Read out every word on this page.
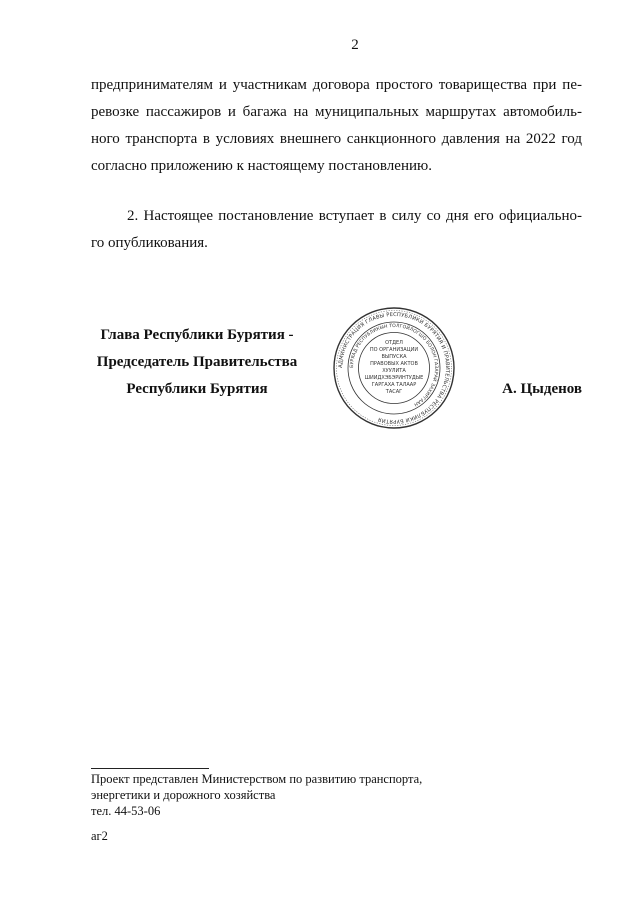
2
предпринимателям и участникам договора простого товарищества при пе-
ревозке пассажиров и багажа на муниципальных маршрутах автомобиль-
ного транспорта в условиях внешнего санкционного давления на 2022 год
согласно приложению к настоящему постановлению.
2. Настоящее постановление вступает в силу со дня его официально-
го опубликования.
Глава Республики Бурятия -
Председатель Правительства
Республики Бурятия	А. Цыденов
АДМИНИСТРАЦИЯ ГЛАВЫ РЕСПУБЛИКИ БУРЯТИЯ И ПРАВИТЕЛЬСТВА РЕСПУБЛИКИ БУРЯТИЯ
БУРЯАД РЕСПУБЛИКЫН ТОЛГОЙЛОГШО БОЛОН ГАЗАРАЙ ЗАХИРГААН
ОТДЕЛ
ПО ОРГАНИЗАЦИИ
ВЫПУСКА
ПРАВОВЫХ АКТОВ
ХУУЛИТА
ШИИДХЭБЭРИНТУДЫЕ
ГАРГАХА ТАЛААР
ТАСАГ
Проект представлен Министерством по развитию транспорта,
энергетики и дорожного хозяйства
тел. 44-53-06
аг2
